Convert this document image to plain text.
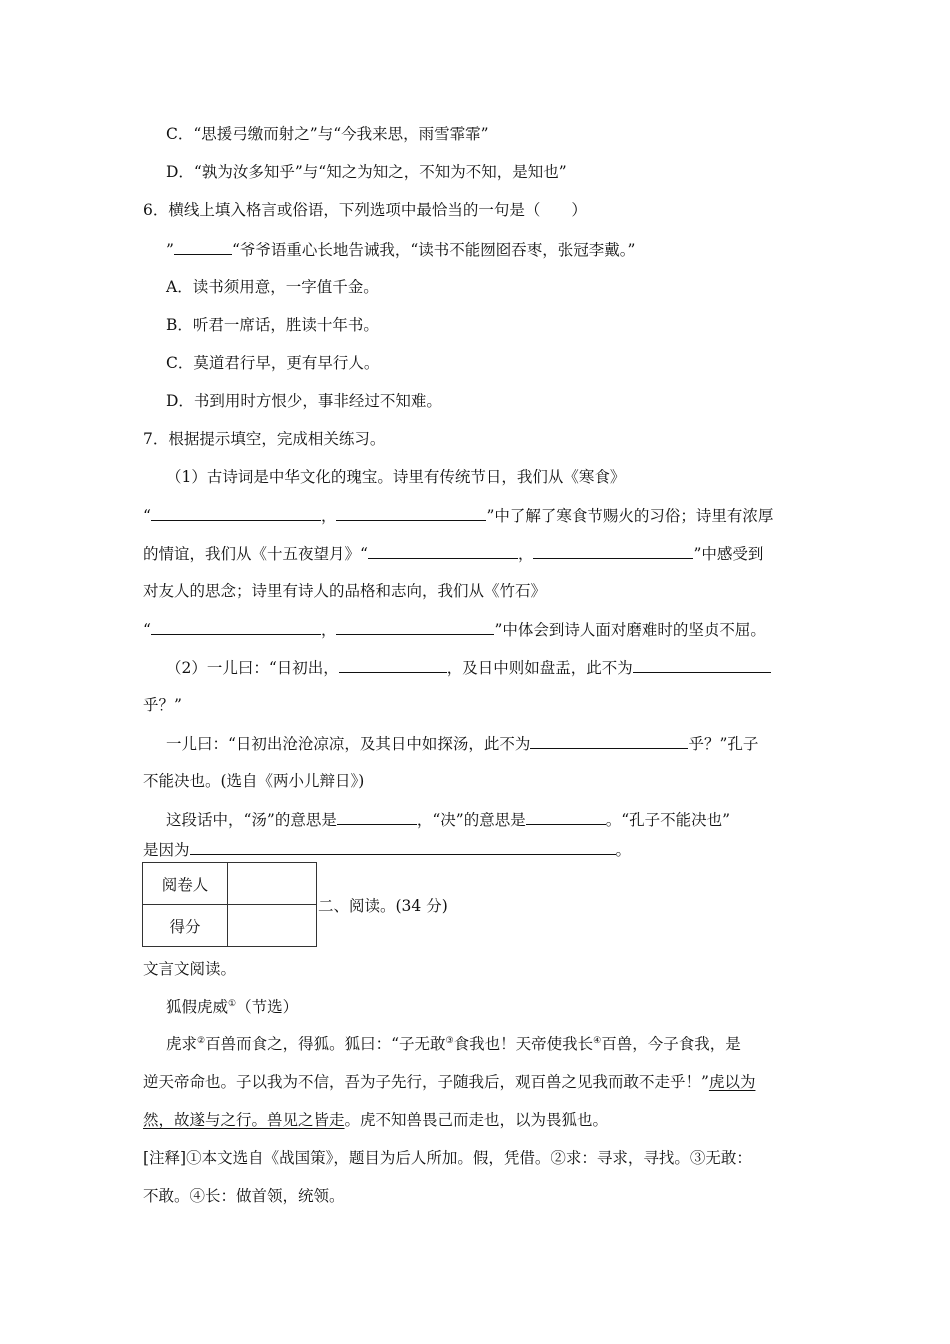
C．“思援弓缴而射之”与“今我来思，雨雪霏霏”
D．“孰为汝多知乎”与“知之为知之，不知为不知，是知也”
6．横线上填入格言或俗语，下列选项中最恰当的一句是（　　）
”	“爷爷语重心长地告诫我，“读书不能囫囵吞枣，张冠李戴。”
A．读书须用意，一字值千金。
B．听君一席话，胜读十年书。
C．莫道君行早，更有早行人。
D．书到用时方恨少，事非经过不知难。
7．根据提示填空，完成相关练习。
（1）古诗词是中华文化的瑰宝。诗里有传统节日，我们从《寒食》
“	，	”中了解了寒食节赐火的习俗；诗里有浓厚
的情谊，我们从《十五夜望月》“	，	”中感受到
对友人的思念；诗里有诗人的品格和志向，我们从《竹石》
“	，	”中体会到诗人面对磨难时的坚贞不屈。
（2）一儿曰：“日初出，	，及日中则如盘盂，此不为
乎？”
一儿曰：“日初出沧沧凉凉，及其日中如探汤，此不为	乎？”孔子
不能决也。(选自《两小儿辩日》)
这段话中，“汤”的意思是	，“决”的意思是	。“孔子不能决也”
是因为	。
阅卷人	
得分	
二、阅读。(34 分)
文言文阅读。
狐假虎威①（节选）
虎求②百兽而食之，得狐。狐曰：“子无敢③食我也！天帝使我长④百兽，今子食我，是
逆天帝命也。子以我为不信，吾为子先行，子随我后，观百兽之见我而敢不走乎！”虎以为
然，故遂与之行。兽见之皆走。虎不知兽畏己而走也，以为畏狐也。
[注释]①本文选自《战国策》，题目为后人所加。假，凭借。②求：寻求，寻找。③无敢：
不敢。④长：做首领，统领。
